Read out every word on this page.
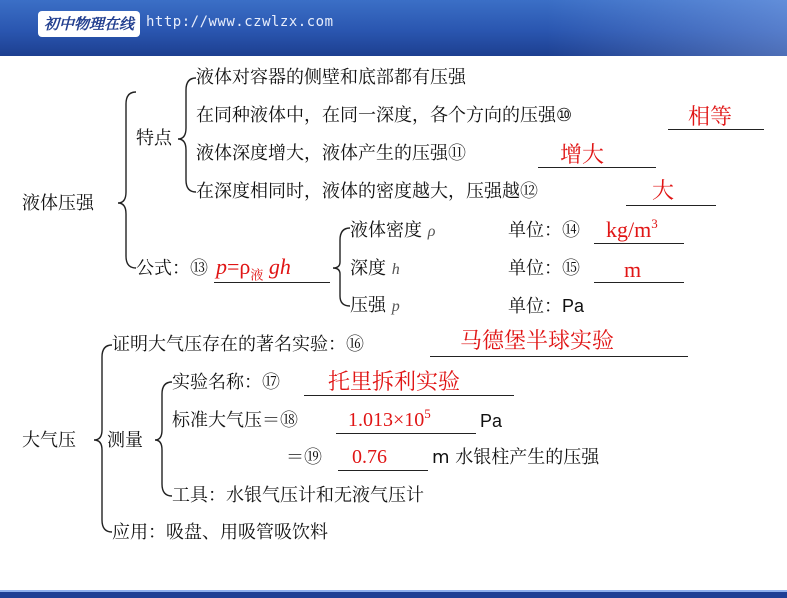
初中物理在线 http://www.czwlzx.com
液体压强
特点
液体对容器的侧壁和底部都有压强
在同种液体中，在同一深度，各个方向的压强⑩	相等
液体深度增大，液体产生的压强⑪	增大
在深度相同时，液体的密度越大，压强越⑫	大
公式：⑬ $p=\rho_液$ gh
液体密度 ρ	单位：⑭ $kg/m^3$
深度 h	单位：⑮ m
压强 p	单位：Pa
大气压
证明大气压存在的著名实验：⑯	马德堡半球实验
测量
实验名称：⑰ 托里拆利实验
标准大气压＝⑱	$1.013\times 10^5$	Pa
＝⑲ 0.76	m 水银柱产生的压强
工具：水银气压计和无液气压计
应用：吸盘、用吸管吸饮料
